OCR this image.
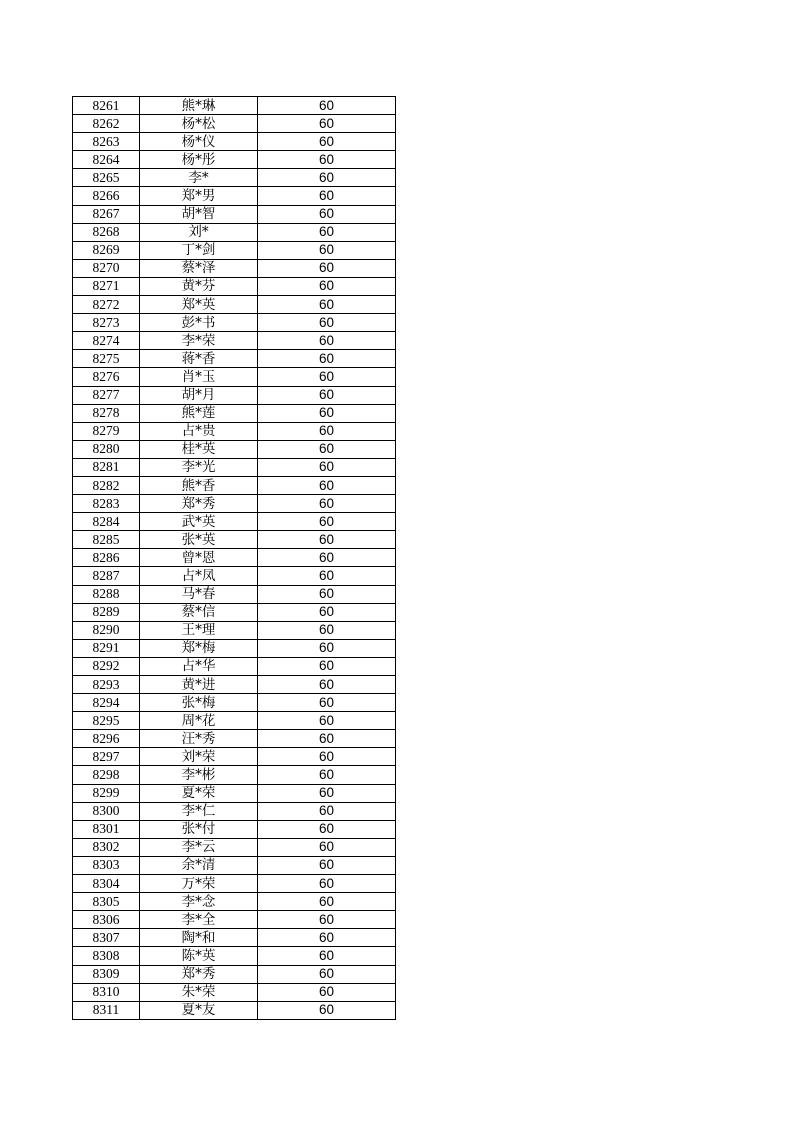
8261	熊*琳	60
8262	杨*松	60
8263	杨*仪	60
8264	杨*彤	60
8265	李*	60
8266	郑*男	60
8267	胡*智	60
8268	刘*	60
8269	丁*剑	60
8270	蔡*泽	60
8271	黄*芬	60
8272	郑*英	60
8273	彭*书	60
8274	李*荣	60
8275	蒋*香	60
8276	肖*玉	60
8277	胡*月	60
8278	熊*莲	60
8279	占*贵	60
8280	桂*英	60
8281	李*光	60
8282	熊*香	60
8283	郑*秀	60
8284	武*英	60
8285	张*英	60
8286	曾*恩	60
8287	占*凤	60
8288	马*春	60
8289	蔡*信	60
8290	王*理	60
8291	郑*梅	60
8292	占*华	60
8293	黄*进	60
8294	张*梅	60
8295	周*花	60
8296	汪*秀	60
8297	刘*荣	60
8298	李*彬	60
8299	夏*荣	60
8300	李*仁	60
8301	张*付	60
8302	李*云	60
8303	余*清	60
8304	万*荣	60
8305	李*念	60
8306	李*全	60
8307	陶*和	60
8308	陈*英	60
8309	郑*秀	60
8310	朱*荣	60
8311	夏*友	60
